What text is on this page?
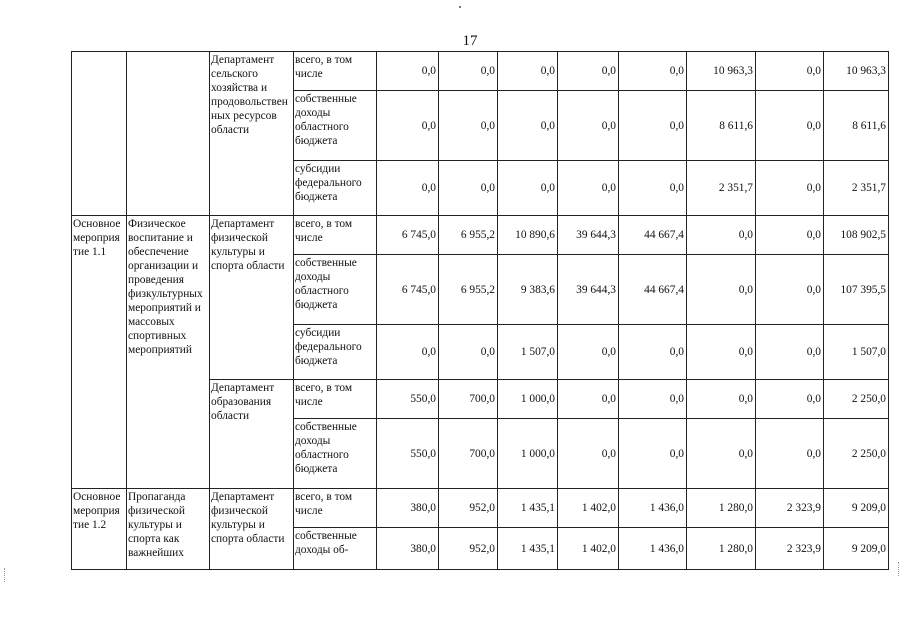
17
		Департамент сельского хозяйства и продовольственных ресурсов области	всего, в том числе	0,0	0,0	0,0	0,0	0,0	10 963,3	0,0	10 963,3
			собственные доходы областного бюджета	0,0	0,0	0,0	0,0	0,0	8 611,6	0,0	8 611,6
			субсидии федерального бюджета	0,0	0,0	0,0	0,0	0,0	2 351,7	0,0	2 351,7
Основное мероприятие 1.1	Физическое воспитание и обеспечение организации и проведения физкультурных мероприятий и массовых спортивных мероприятий	Департамент физической культуры и спорта области	всего, в том числе	6 745,0	6 955,2	10 890,6	39 644,3	44 667,4	0,0	0,0	108 902,5
			собственные доходы областного бюджета	6 745,0	6 955,2	9 383,6	39 644,3	44 667,4	0,0	0,0	107 395,5
			субсидии федерального бюджета	0,0	0,0	1 507,0	0,0	0,0	0,0	0,0	1 507,0
		Департамент образования области	всего, в том числе	550,0	700,0	1 000,0	0,0	0,0	0,0	0,0	2 250,0
			собственные доходы областного бюджета	550,0	700,0	1 000,0	0,0	0,0	0,0	0,0	2 250,0
Основное мероприятие 1.2	Пропаганда физической культуры и спорта как важнейших	Департамент физической культуры и спорта области	всего, в том числе	380,0	952,0	1 435,1	1 402,0	1 436,0	1 280,0	2 323,9	9 209,0
			собственные доходы об-	380,0	952,0	1 435,1	1 402,0	1 436,0	1 280,0	2 323,9	9 209,0
